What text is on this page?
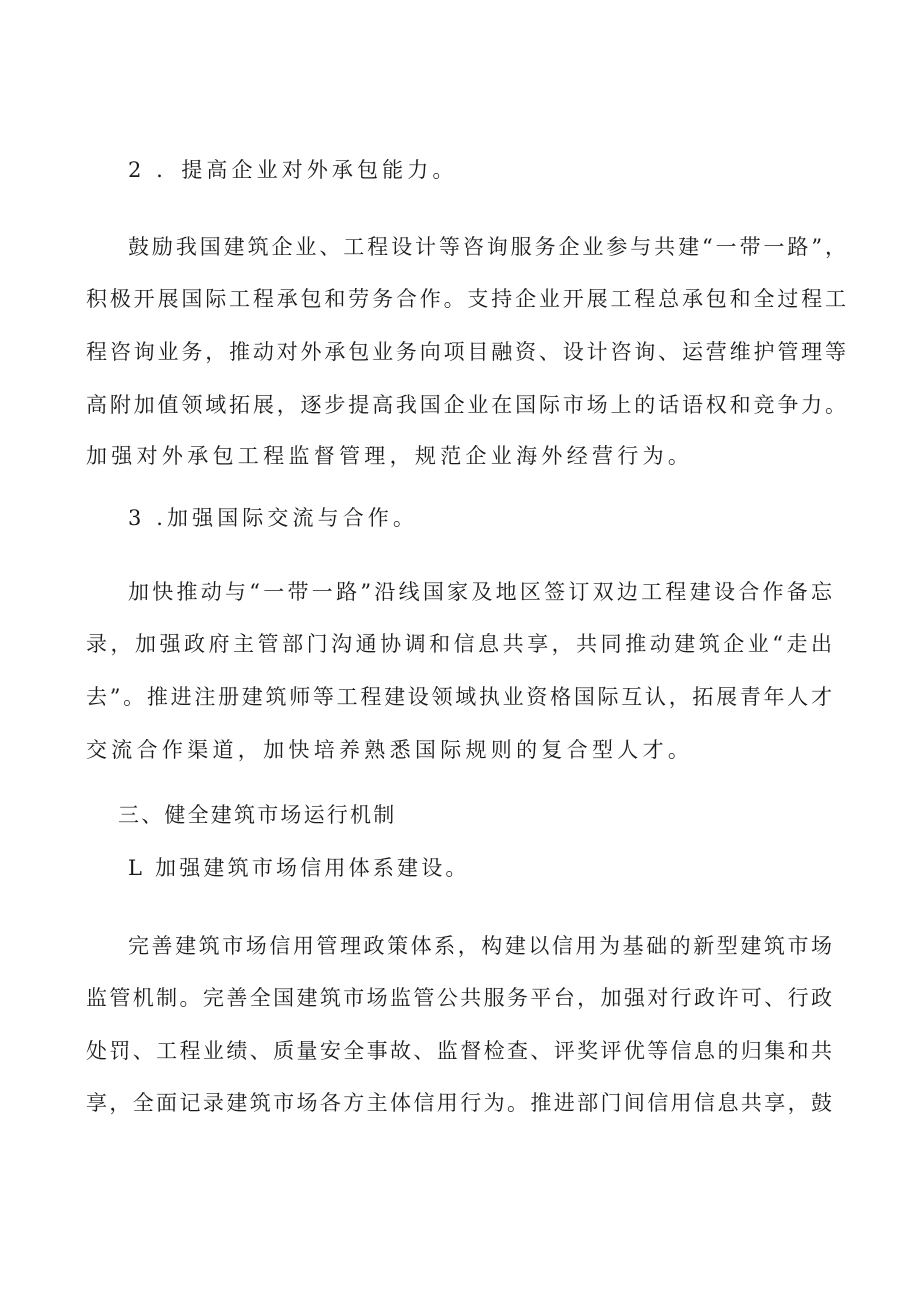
2 ．提高企业对外承包能力。
鼓励我国建筑企业、工程设计等咨询服务企业参与共建“一带一路”，
积极开展国际工程承包和劳务合作。支持企业开展工程总承包和全过程工
程咨询业务，推动对外承包业务向项目融资、设计咨询、运营维护管理等
高附加值领域拓展，逐步提高我国企业在国际市场上的话语权和竞争力。
加强对外承包工程监督管理，规范企业海外经营行为。
3 .加强国际交流与合作。
加快推动与“一带一路”沿线国家及地区签订双边工程建设合作备忘
录，加强政府主管部门沟通协调和信息共享，共同推动建筑企业“走出
去”。推进注册建筑师等工程建设领域执业资格国际互认，拓展青年人才
交流合作渠道，加快培养熟悉国际规则的复合型人才。
三、健全建筑市场运行机制
L 加强建筑市场信用体系建设。
完善建筑市场信用管理政策体系，构建以信用为基础的新型建筑市场
监管机制。完善全国建筑市场监管公共服务平台，加强对行政许可、行政
处罚、工程业绩、质量安全事故、监督检查、评奖评优等信息的归集和共
享，全面记录建筑市场各方主体信用行为。推进部门间信用信息共享，鼓
